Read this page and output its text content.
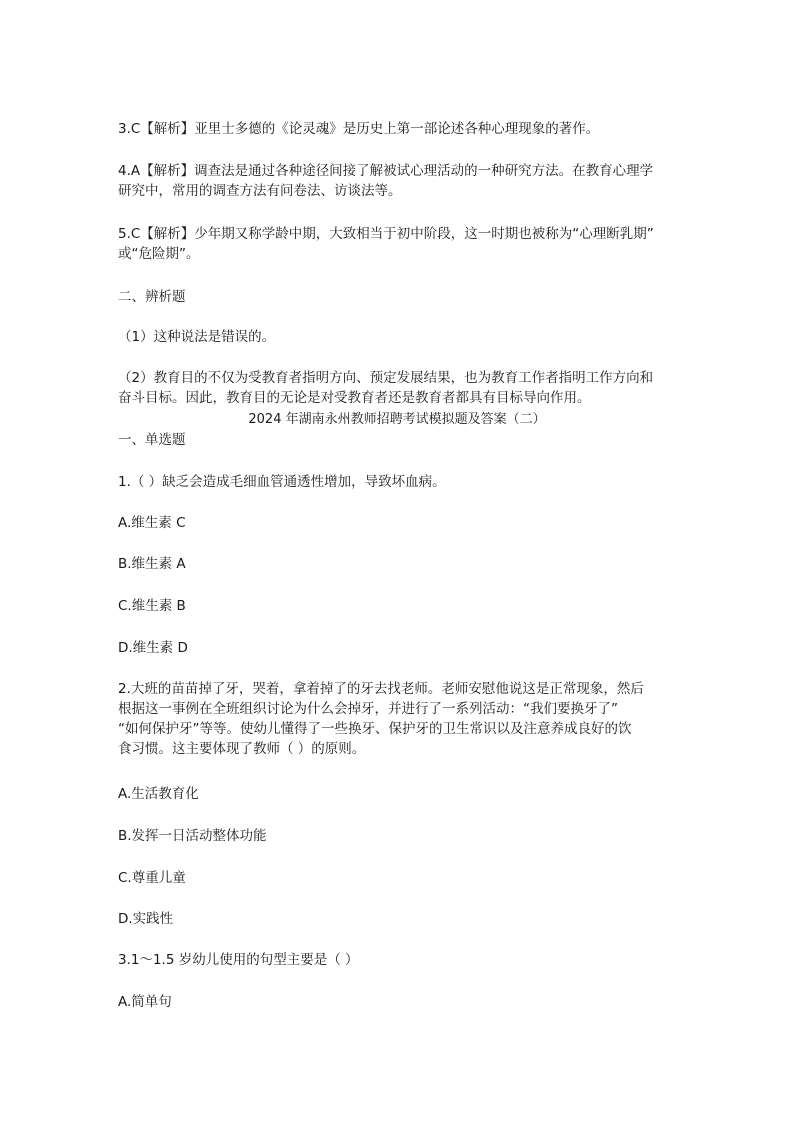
3.C【解析】亚里士多德的《论灵魂》是历史上第一部论述各种心理现象的著作。
4.A【解析】调查法是通过各种途径间接了解被试心理活动的一种研究方法。在教育心理学
研究中，常用的调查方法有问卷法、访谈法等。
5.C【解析】少年期又称学龄中期，大致相当于初中阶段，这一时期也被称为“心理断乳期”
或“危险期”。
二、辨析题
（1）这种说法是错误的。
（2）教育目的不仅为受教育者指明方向、预定发展结果，也为教育工作者指明工作方向和
奋斗目标。因此，教育目的无论是对受教育者还是教育者都具有目标导向作用。
2024 年湖南永州教师招聘考试模拟题及答案（二）
一、单选题
1.（ ）缺乏会造成毛细血管通透性增加，导致坏血病。
A.维生素 C
B.维生素 A
C.维生素 B
D.维生素 D
2.大班的苗苗掉了牙，哭着，拿着掉了的牙去找老师。老师安慰他说这是正常现象，然后
根据这一事例在全班组织讨论为什么会掉牙，并进行了一系列活动：“我们要换牙了”
“如何保护牙”等等。使幼儿懂得了一些换牙、保护牙的卫生常识以及注意养成良好的饮
食习惯。这主要体现了教师（ ）的原则。
A.生活教育化
B.发挥一日活动整体功能
C.尊重儿童
D.实践性
3.1～1.5 岁幼儿使用的句型主要是（ ）
A.简单句
